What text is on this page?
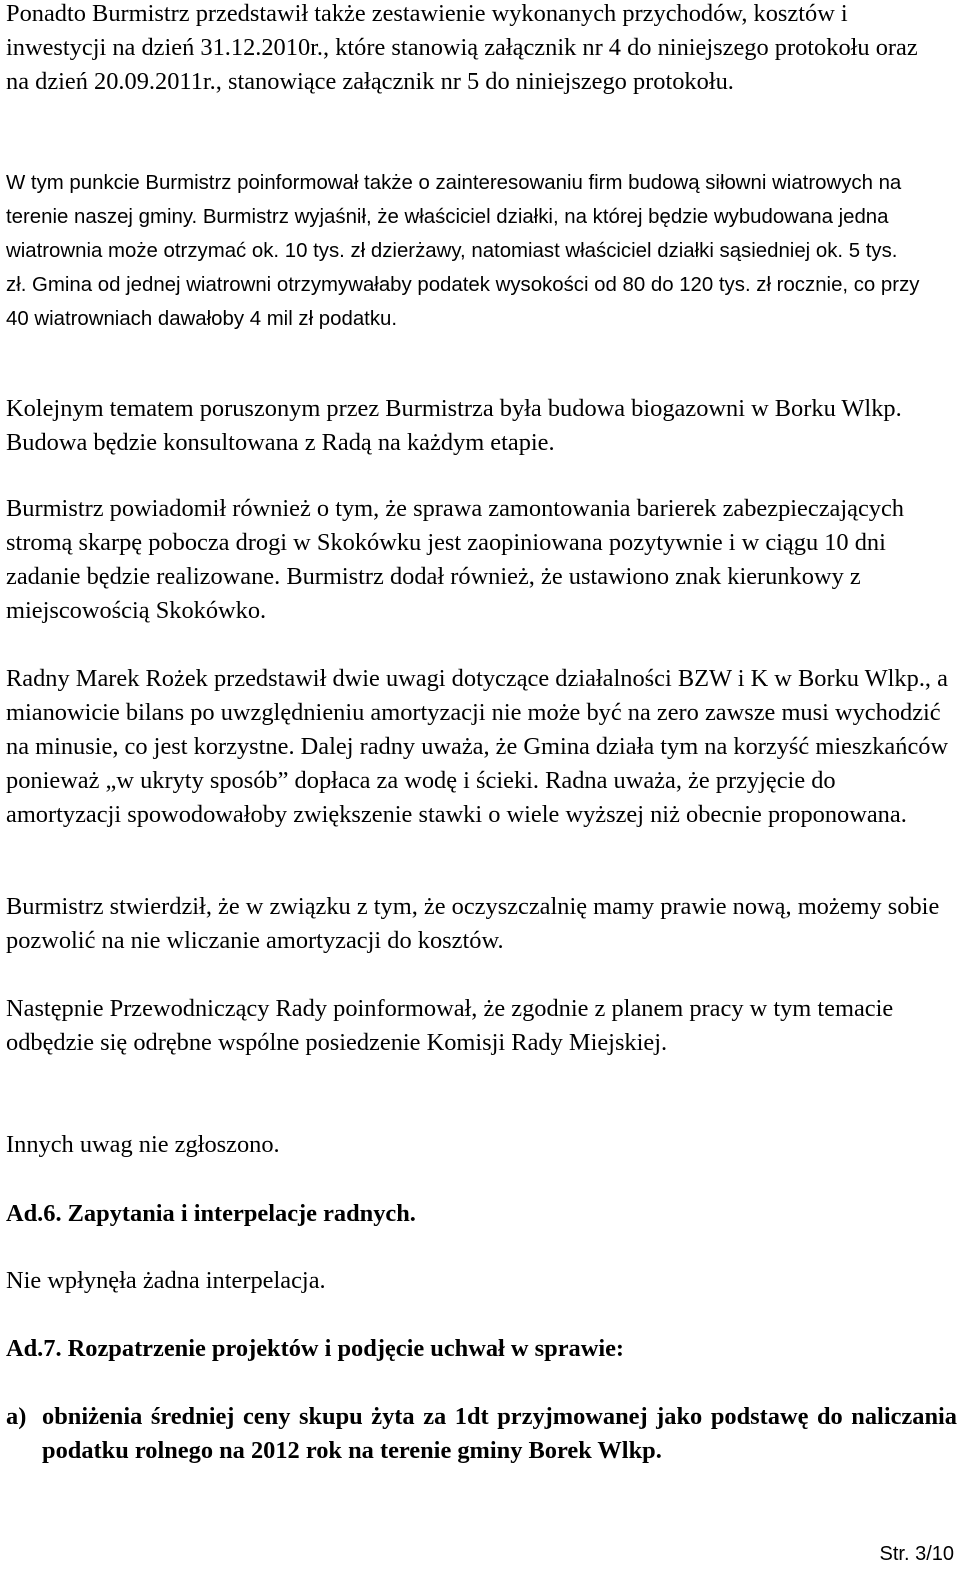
Ponadto Burmistrz przedstawił także zestawienie wykonanych przychodów, kosztów i inwestycji na dzień 31.12.2010r., które stanowią załącznik nr 4 do niniejszego protokołu oraz na dzień 20.09.2011r., stanowiące załącznik nr 5 do niniejszego protokołu.

W tym punkcie Burmistrz poinformował także o zainteresowaniu firm budową siłowni wiatrowych na terenie naszej gminy. Burmistrz wyjaśnił, że właściciel działki, na której będzie wybudowana jedna wiatrownia może otrzymać ok. 10 tys. zł dzierżawy, natomiast właściciel działki sąsiedniej ok. 5 tys. zł. Gmina od jednej wiatrowni otrzymywałaby podatek wysokości od 80 do 120 tys. zł rocznie, co przy 40 wiatrowniach dawałoby 4 mil zł podatku.

Kolejnym tematem poruszonym przez Burmistrza była budowa biogazowni w Borku Wlkp. Budowa będzie konsultowana z Radą na każdym etapie.

Burmistrz powiadomił również o tym, że sprawa zamontowania barierek zabezpieczających stromą skarpę pobocza drogi w Skokówku jest zaopiniowana pozytywnie i w ciągu 10 dni zadanie będzie realizowane. Burmistrz dodał również, że ustawiono znak kierunkowy z miejscowością Skokówko.

Radny Marek Rożek przedstawił dwie uwagi dotyczące działalności BZW i K w Borku Wlkp., a mianowicie bilans po uwzględnieniu amortyzacji nie może być na zero zawsze musi wychodzić na minusie, co jest korzystne. Dalej radny uważa, że Gmina działa tym na korzyść mieszkańców ponieważ „w ukryty sposób” dopłaca za wodę i ścieki. Radna uważa, że przyjęcie do amortyzacji spowodowałoby zwiększenie stawki o wiele wyższej niż obecnie proponowana.

Burmistrz stwierdził, że w związku z tym, że oczyszczalnię mamy prawie nową, możemy sobie pozwolić na nie wliczanie amortyzacji do kosztów.

Następnie Przewodniczący Rady poinformował, że zgodnie z planem pracy w tym temacie odbędzie się odrębne wspólne posiedzenie Komisji Rady Miejskiej.

Innych uwag nie zgłoszono.

Ad.6. Zapytania i interpelacje radnych.

Nie wpłynęła żadna interpelacja.

Ad.7. Rozpatrzenie projektów i podjęcie uchwał w sprawie:

a) obniżenia średniej ceny skupu żyta za 1dt przyjmowanej jako podstawę do naliczania podatku rolnego na 2012 rok na terenie gminy Borek Wlkp.
Str. 3/10
